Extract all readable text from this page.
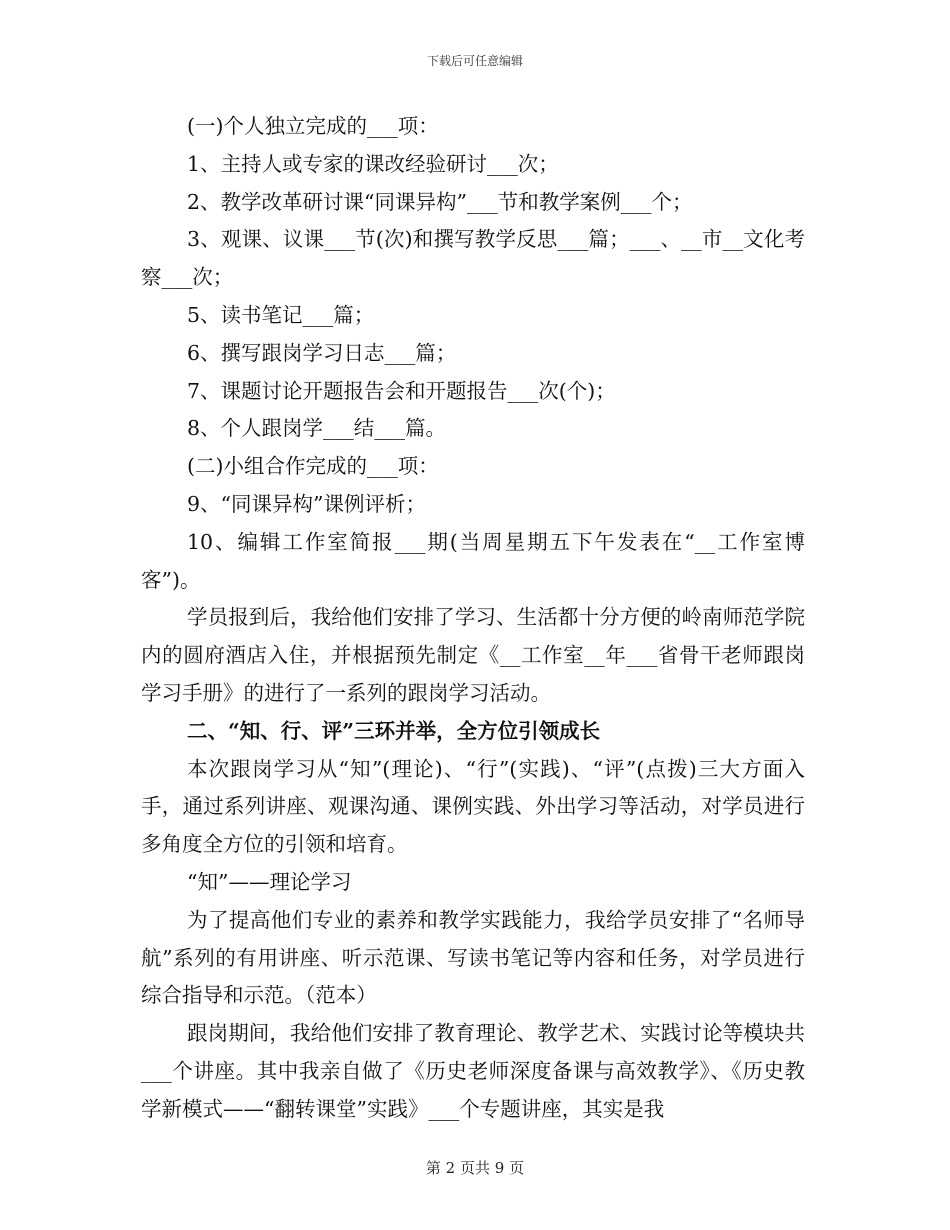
下载后可任意编辑

(一)个人独立完成的___项：

1、主持人或专家的课改经验研讨___次；

2、教学改革研讨课“同课异构”___节和教学案例___个；

3、观课、议课___节(次)和撰写教学反思___篇；___、__市__文化考察___次；

5、读书笔记___篇；

6、撰写跟岗学习日志___篇；

7、课题讨论开题报告会和开题报告___次(个)；

8、个人跟岗学___结___篇。

(二)小组合作完成的___项：

9、“同课异构”课例评析；

10、编辑工作室简报___期(当周星期五下午发表在“__工作室博客”)。

学员报到后，我给他们安排了学习、生活都十分方便的岭南师范学院内的圆府酒店入住，并根据预先制定《__工作室__年___省骨干老师跟岗学习手册》的进行了一系列的跟岗学习活动。

二、“知、行、评”三环并举，全方位引领成长

本次跟岗学习从“知”(理论)、“行”(实践)、“评”(点拨)三大方面入手，通过系列讲座、观课沟通、课例实践、外出学习等活动，对学员进行多角度全方位的引领和培育。

“知”——理论学习

为了提高他们专业的素养和教学实践能力，我给学员安排了“名师导航”系列的有用讲座、听示范课、写读书笔记等内容和任务，对学员进行综合指导和示范。（范本）

跟岗期间，我给他们安排了教育理论、教学艺术、实践讨论等模块共___个讲座。其中我亲自做了《历史老师深度备课与高效教学》、《历史教学新模式——“翻转课堂”实践》___个专题讲座，其实是我

第 2 页共 9 页
